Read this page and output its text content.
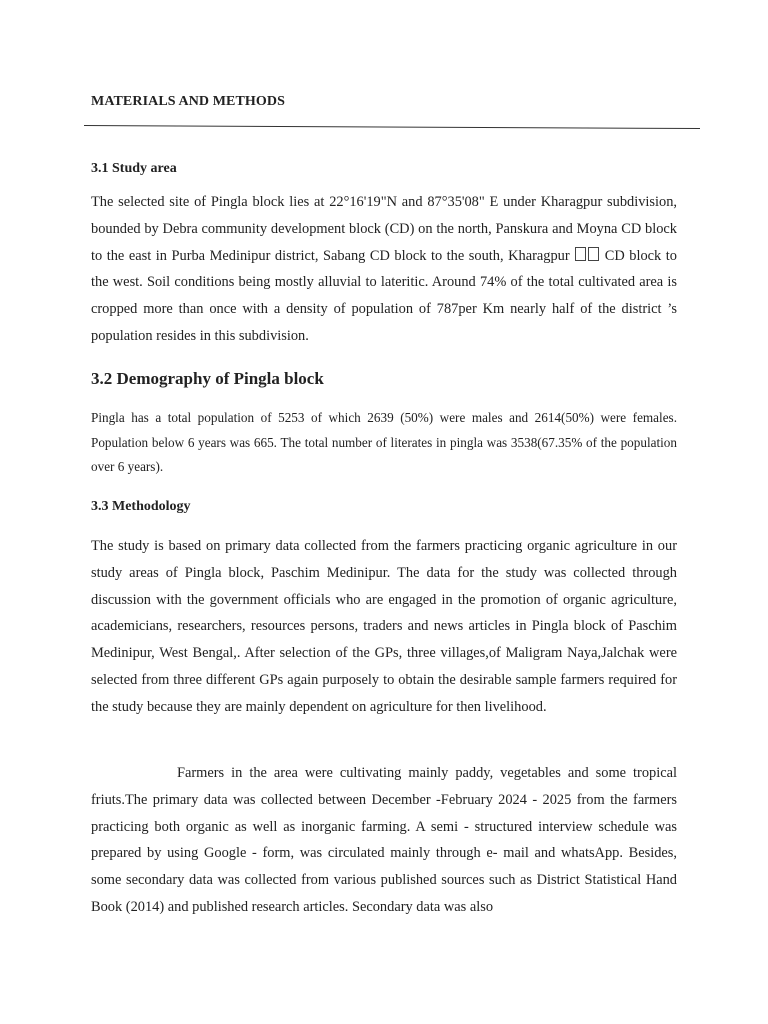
MATERIALS AND METHODS
3.1 Study area

The selected site of Pingla block lies at 22°16'19"N and 87°35'08" E under Kharagpur subdivision, bounded by Debra community development block (CD) on the north, Panskura and Moyna CD block to the east in Purba Medinipur district, Sabang CD block to the south, Kharagpur CD block to the west. Soil conditions being mostly alluvial to lateritic. Around 74% of the total cultivated area is cropped more than once with a density of population of 787per Km nearly half of the district ’s population resides in this subdivision.

3.2 Demography of Pingla block

Pingla has a total population of 5253 of which 2639 (50%) were males and 2614(50%) were females. Population below 6 years was 665. The total number of literates in pingla was 3538(67.35% of the population over 6 years).

3.3 Methodology

The study is based on primary data collected from the farmers practicing organic agriculture in our study areas of Pingla block, Paschim Medinipur. The data for the study was collected through discussion with the government officials who are engaged in the promotion of organic agriculture, academicians, researchers, resources persons, traders and news articles in Pingla block of Paschim Medinipur, West Bengal,. After selection of the GPs, three villages,of Maligram Naya,Jalchak were selected from three different GPs again purposely to obtain the desirable sample farmers required for the study because they are mainly dependent on agriculture for then livelihood.

Farmers in the area were cultivating mainly paddy, vegetables and some tropical friuts.The primary data was collected between December -February 2024 - 2025 from the farmers practicing both organic as well as inorganic farming. A semi - structured interview schedule was prepared by using Google - form, was circulated mainly through e- mail and whatsApp. Besides, some secondary data was collected from various published sources such as District Statistical Hand Book (2014) and published research articles. Secondary data was also
